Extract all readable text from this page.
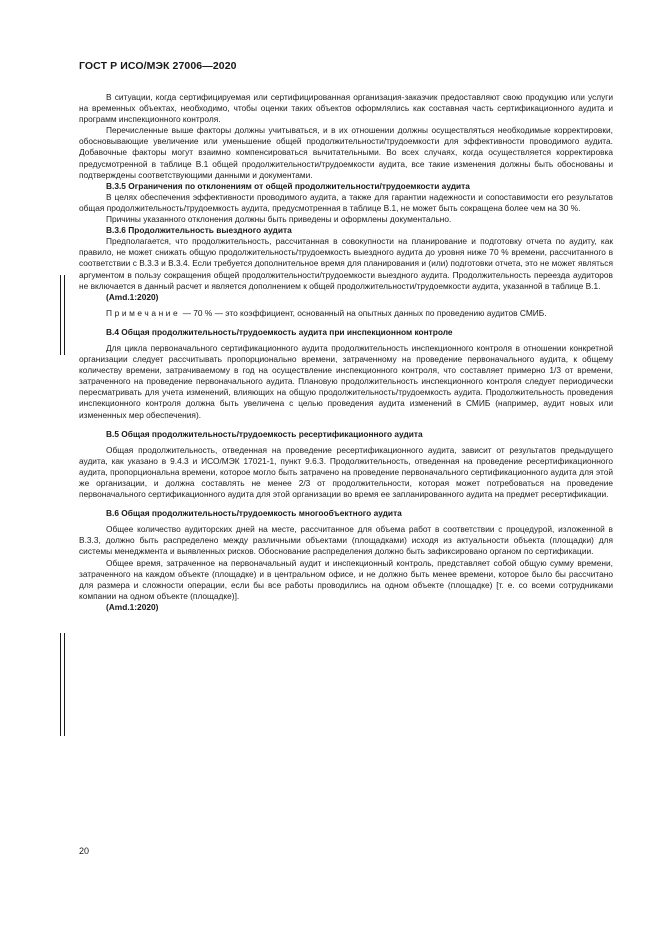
ГОСТ Р ИСО/МЭК 27006—2020

В ситуации, когда сертифицируемая или сертифицированная организация-заказчик предоставляют свою продукцию или услуги на временных объектах, необходимо, чтобы оценки таких объектов оформлялись как составная часть сертификационного аудита и программ инспекционного контроля.

Перечисленные выше факторы должны учитываться, и в их отношении должны осуществляться необходимые корректировки, обосновывающие увеличение или уменьшение общей продолжительности/трудоемкости для эффективности проводимого аудита. Добавочные факторы могут взаимно компенсироваться вычитательными. Во всех случаях, когда осуществляется корректировка предусмотренной в таблице В.1 общей продолжительности/трудоемкости аудита, все такие изменения должны быть обоснованы и подтверждены соответствующими данными и документами.

В.3.5 Ограничения по отклонениям от общей продолжительности/трудоемкости аудита

В целях обеспечения эффективности проводимого аудита, а также для гарантии надежности и сопоставимости его результатов общая продолжительность/трудоемкость аудита, предусмотренная в таблице В.1, не может быть сокращена более чем на 30 %.

Причины указанного отклонения должны быть приведены и оформлены документально.

В.3.6 Продолжительность выездного аудита

Предполагается, что продолжительность, рассчитанная в совокупности на планирование и подготовку отчета по аудиту, как правило, не может снижать общую продолжительность/трудоемкость выездного аудита до уровня ниже 70 % времени, рассчитанного в соответствии с В.3.3 и В.3.4. Если требуется дополнительное время для планирования и (или) подготовки отчета, это не может являться аргументом в пользу сокращения общей продолжительности/трудоемкости выездного аудита. Продолжительность переезда аудиторов не включается в данный расчет и является дополнением к общей продолжительности/трудоемкости аудита, указанной в таблице В.1.

(Amd.1:2020)

Примечание — 70 % — это коэффициент, основанный на опытных данных по проведению аудитов СМИБ.

В.4 Общая продолжительность/трудоемкость аудита при инспекционном контроле

Для цикла первоначального сертификационного аудита продолжительность инспекционного контроля в отношении конкретной организации следует рассчитывать пропорционально времени, затраченному на проведение первоначального аудита, к общему количеству времени, затрачиваемому в год на осуществление инспекционного контроля, что составляет примерно 1/3 от времени, затраченного на проведение первоначального аудита. Плановую продолжительность инспекционного контроля следует периодически пересматривать для учета изменений, влияющих на общую продолжительность/трудоемкость аудита. Продолжительность проведения инспекционного контроля должна быть увеличена с целью проведения аудита изменений в СМИБ (например, аудит новых или измененных мер обеспечения).

В.5 Общая продолжительность/трудоемкость ресертификационного аудита

Общая продолжительность, отведенная на проведение ресертификационного аудита, зависит от результатов предыдущего аудита, как указано в 9.4.3 и ИСО/МЭК 17021-1, пункт 9.6.3. Продолжительность, отведенная на проведение ресертификационного аудита, пропорциональна времени, которое могло быть затрачено на проведение первоначального сертификационного аудита для этой же организации, и должна составлять не менее 2/3 от продолжительности, которая может потребоваться на проведение первоначального сертификационного аудита для этой организации во время ее запланированного аудита на предмет ресертификации.

В.6 Общая продолжительность/трудоемкость многообъектного аудита

Общее количество аудиторских дней на месте, рассчитанное для объема работ в соответствии с процедурой, изложенной в В.3.3, должно быть распределено между различными объектами (площадками) исходя из актуальности объекта (площадки) для системы менеджмента и выявленных рисков. Обоснование распределения должно быть зафиксировано органом по сертификации.

Общее время, затраченное на первоначальный аудит и инспекционный контроль, представляет собой общую сумму времени, затраченного на каждом объекте (площадке) и в центральном офисе, и не должно быть менее времени, которое было бы рассчитано для размера и сложности операции, если бы все работы проводились на одном объекте (площадке) [т. е. со всеми сотрудниками компании на одном объекте (площадке)].

(Amd.1:2020)

20
